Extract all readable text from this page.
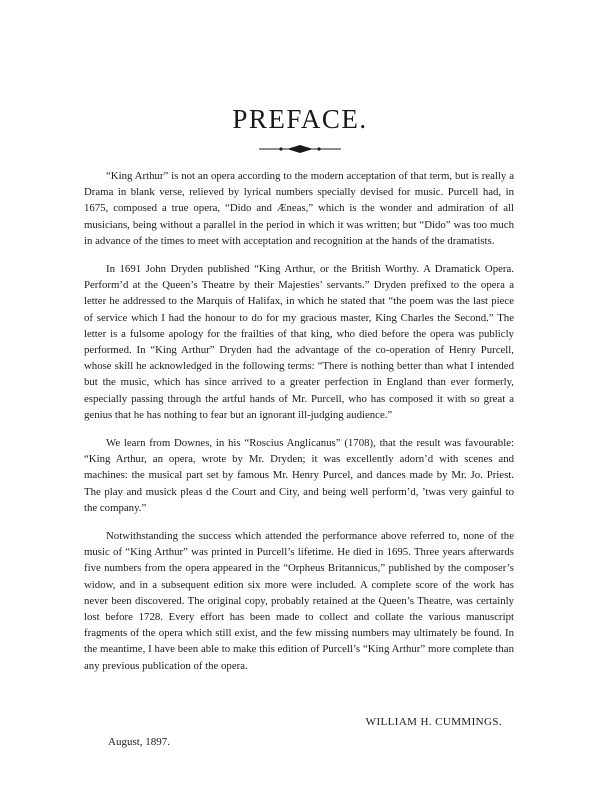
PREFACE.

“King Arthur” is not an opera according to the modern acceptation of that term, but is really a Drama in blank verse, relieved by lyrical numbers specially devised for music. Purcell had, in 1675, composed a true opera, “Dido and Æneas,” which is the wonder and admiration of all musicians, being without a parallel in the period in which it was written; but “Dido” was too much in advance of the times to meet with acceptation and recognition at the hands of the dramatists.

In 1691 John Dryden published “King Arthur, or the British Worthy. A Dramatick Opera. Perform’d at the Queen’s Theatre by their Majesties’ servants.” Dryden prefixed to the opera a letter he addressed to the Marquis of Halifax, in which he stated that “the poem was the last piece of service which I had the honour to do for my gracious master, King Charles the Second.” The letter is a fulsome apology for the frailties of that king, who died before the opera was publicly performed. In “King Arthur” Dryden had the advantage of the co-operation of Henry Purcell, whose skill he acknowledged in the following terms: “There is nothing better than what I intended but the music, which has since arrived to a greater perfection in England than ever formerly, especially passing through the artful hands of Mr. Purcell, who has composed it with so great a genius that he has nothing to fear but an ignorant ill-judging audience.”

We learn from Downes, in his “Roscius Anglicanus” (1708), that the result was favourable: “King Arthur, an opera, wrote by Mr. Dryden; it was excellently adorn’d with scenes and machines: the musical part set by famous Mr. Henry Purcel, and dances made by Mr. Jo. Priest. The play and musick pleas d the Court and City, and being well perform’d, ’twas very gainful to the company.”

Notwithstanding the success which attended the performance above referred to, none of the music of “King Arthur” was printed in Purcell’s lifetime. He died in 1695. Three years afterwards five numbers from the opera appeared in the “Orpheus Britannicus,” published by the composer’s widow, and in a subsequent edition six more were included. A complete score of the work has never been discovered. The original copy, probably retained at the Queen’s Theatre, was certainly lost before 1728. Every effort has been made to collect and collate the various manuscript fragments of the opera which still exist, and the few missing numbers may ultimately be found. In the meantime, I have been able to make this edition of Purcell’s “King Arthur” more complete than any previous publication of the opera.

WILLIAM H. CUMMINGS.
August, 1897.
